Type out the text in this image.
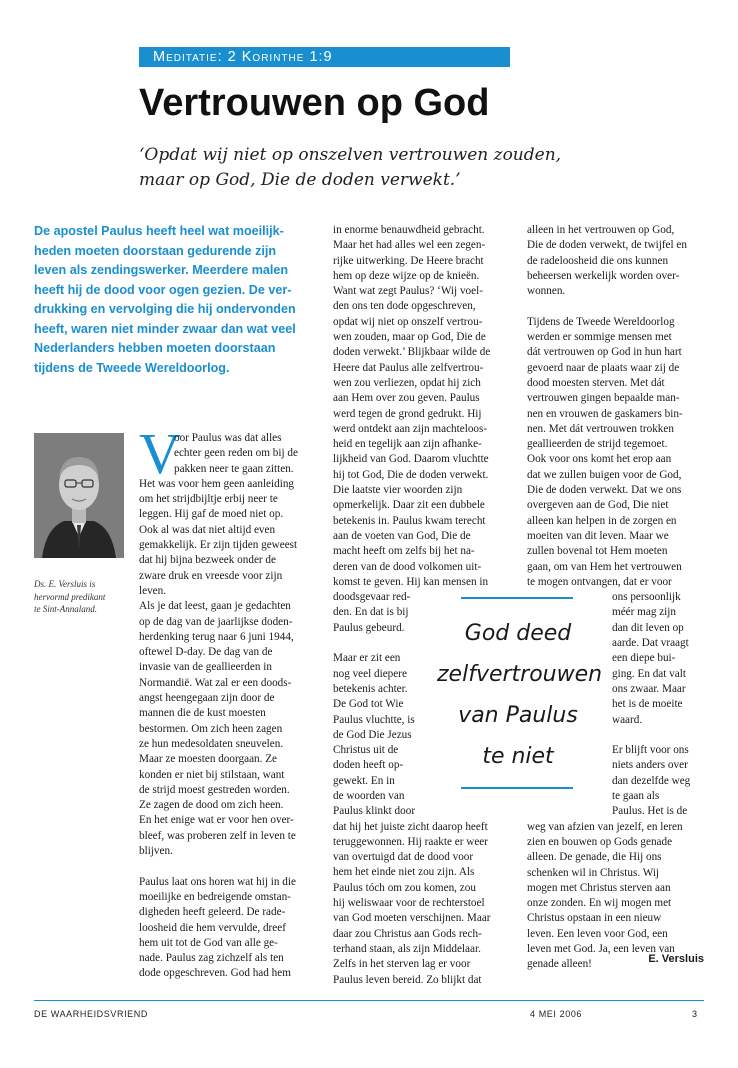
Meditatie: 2 Korinthe 1:9
Vertrouwen op God
‘Opdat wij niet op onszelven vertrouwen zouden,
maar op God, Die de doden verwekt.’
De apostel Paulus heeft heel wat moeilijk-
heden moeten doorstaan gedurende zijn
leven als zendingswerker. Meerdere malen
heeft hij de dood voor ogen gezien. De ver-
drukking en vervolging die hij ondervonden
heeft, waren niet minder zwaar dan wat veel
Nederlanders hebben moeten doorstaan
tijdens de Tweede Wereldoorlog.
Ds. E. Versluis is
hervormd predikant
te Sint-Annaland.
V
oor Paulus was dat alles
echter geen reden om bij de
pakken neer te gaan zitten.
Het was voor hem geen aanleiding
om het strijdbijltje erbij neer te
leggen. Hij gaf de moed niet op.
Ook al was dat niet altijd even
gemakkelijk. Er zijn tijden geweest
dat hij bijna bezweek onder de
zware druk en vreesde voor zijn
leven.
Als je dat leest, gaan je gedachten
op de dag van de jaarlijkse doden-
herdenking terug naar 6 juni 1944,
oftewel D-day. De dag van de
invasie van de geallieerden in
Normandië. Wat zal er een doods-
angst heengegaan zijn door de
mannen die de kust moesten
bestormen. Om zich heen zagen
ze hun medesoldaten sneuvelen.
Maar ze moesten doorgaan. Ze
konden er niet bij stilstaan, want
de strijd moest gestreden worden.
Ze zagen de dood om zich heen.
En het enige wat er voor hen over-
bleef, was proberen zelf in leven te
blijven.
Paulus laat ons horen wat hij in die
moeilijke en bedreigende omstan-
digheden heeft geleerd. De rade-
loosheid die hem vervulde, dreef
hem uit tot de God van alle ge-
nade. Paulus zag zichzelf als ten
dode opgeschreven. God had hem
in enorme benauwdheid gebracht.
Maar het had alles wel een zegen-
rijke uitwerking. De Heere bracht
hem op deze wijze op de knieën.
Want wat zegt Paulus? ‘Wij voel-
den ons ten dode opgeschreven,
opdat wij niet op onszelf vertrou-
wen zouden, maar op God, Die de
doden verwekt.’ Blijkbaar wilde de
Heere dat Paulus alle zelfvertrou-
wen zou verliezen, opdat hij zich
aan Hem over zou geven. Paulus
werd tegen de grond gedrukt. Hij
werd ontdekt aan zijn machteloos-
heid en tegelijk aan zijn afhanke-
lijkheid van God. Daarom vluchtte
hij tot God, Die de doden verwekt.
Die laatste vier woorden zijn
opmerkelijk. Daar zit een dubbele
betekenis in. Paulus kwam terecht
aan de voeten van God, Die de
macht heeft om zelfs bij het na-
deren van de dood volkomen uit-
komst te geven. Hij kan mensen in
doodsgevaar red-
den. En dat is bij
Paulus gebeurd.
Maar er zit een
nog veel diepere
betekenis achter.
De God tot Wie
Paulus vluchtte, is
de God Die Jezus
Christus uit de
doden heeft op-
gewekt. En in
de woorden van
Paulus klinkt door
dat hij het juiste zicht daarop heeft
teruggewonnen. Hij raakte er weer
van overtuigd dat de dood voor
hem het einde niet zou zijn. Als
Paulus tóch om zou komen, zou
hij weliswaar voor de rechterstoel
van God moeten verschijnen. Maar
daar zou Christus aan Gods rech-
terhand staan, als zijn Middelaar.
Zelfs in het sterven lag er voor
Paulus leven bereid. Zo blijkt dat
alleen in het vertrouwen op God,
Die de doden verwekt, de twijfel en
de radeloosheid die ons kunnen
beheersen werkelijk worden over-
wonnen.
Tijdens de Tweede Wereldoorlog
werden er sommige mensen met
dát vertrouwen op God in hun hart
gevoerd naar de plaats waar zij de
dood moesten sterven. Met dát
vertrouwen gingen bepaalde man-
nen en vrouwen de gaskamers bin-
nen. Met dát vertrouwen trokken
geallieerden de strijd tegemoet.
Ook voor ons komt het erop aan
dat we zullen buigen voor de God,
Die de doden verwekt. Dat we ons
overgeven aan de God, Die niet
alleen kan helpen in de zorgen en
moeiten van dit leven. Maar we
zullen bovenal tot Hem moeten
gaan, om van Hem het vertrouwen
te mogen ontvangen, dat er voor
ons persoonlijk
méér mag zijn
dan dit leven op
aarde. Dat vraagt
een diepe bui-
ging. En dat valt
ons zwaar. Maar
het is de moeite
waard.
Er blijft voor ons
niets anders over
dan dezelfde weg
te gaan als
Paulus. Het is de
weg van afzien van jezelf, en leren
zien en bouwen op Gods genade
alleen. De genade, die Hij ons
schenken wil in Christus. Wij
mogen met Christus sterven aan
onze zonden. En wij mogen met
Christus opstaan in een nieuw
leven. Een leven voor God, een
leven met God. Ja, een leven van
genade alleen!	E. Versluis
God deed
zelfvertrouwen
van Paulus
te niet
DE WAARHEIDSVRIEND	4 MEI 2006	3
